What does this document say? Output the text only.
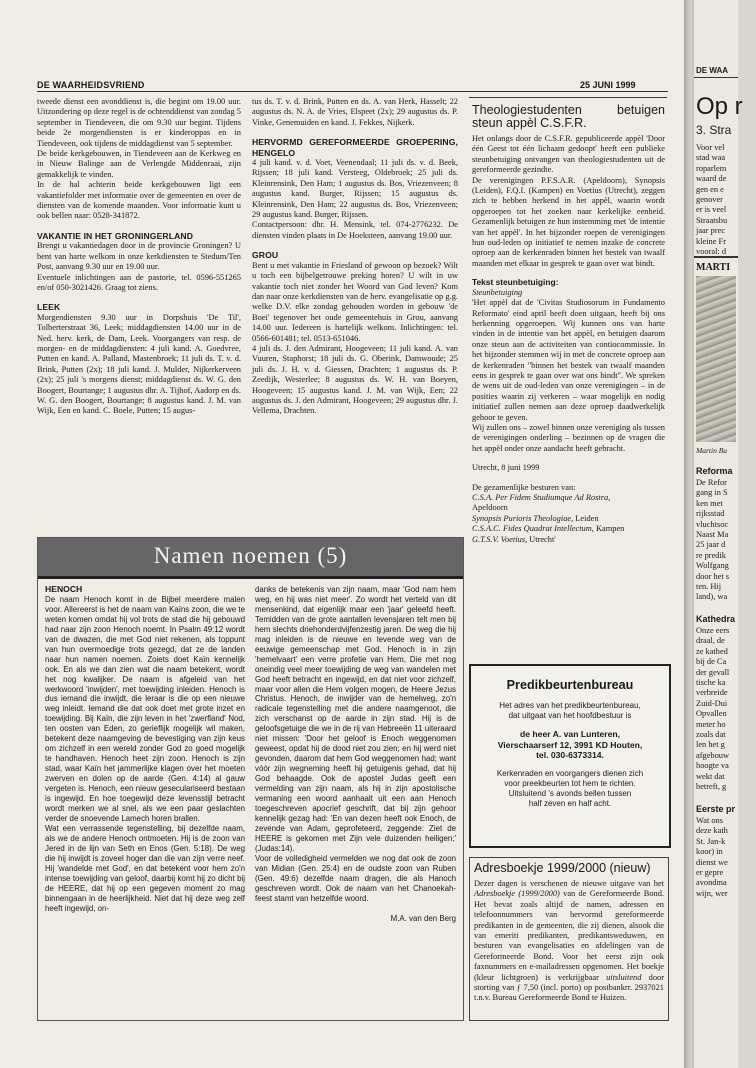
DE WAARHEIDSVRIEND	25 JUNI 1999

tweede dienst een avonddienst is, die begint om 19.00 uur. Uitzondering op deze regel is de ochtenddienst van zondag 5 september in Tiendeveen, die om 9.30 uur begint. Tijdens beide 2e morgendiensten is er kinderoppas en in Tiendeveen, ook tijdens de middagdienst van 5 september.

De beide kerkgebouwen, in Tiendeveen aan de Kerkweg en in Nieuw Balinge aan de Verlengde Middenraai, zijn gemakkelijk te vinden.

In de hal achterin beide kerkgebouwen ligt een vakantiefolder met informatie over de gemeenten en over de diensten van de komende maanden. Voor informatie kunt u ook bellen naar: 0528-341872.

VAKANTIE IN HET GRONINGERLAND

Brengt u vakantiedagen door in de provincie Groningen? U bent van harte welkom in onze kerkdiensten te Stedum/Ten Post, aanvang 9.30 uur en 19.00 uur.

Eventuele inlichtingen aan de pastorie, tel. 0596-551265 en/of 050-3021426. Graag tot ziens.

LEEK

Morgendiensten 9.30 uur in Dorpshuis 'De Til', Tolberterstraat 36, Leek; middagdiensten 14.00 uur in de Ned. herv. kerk, de Dam, Leek. Voorgangers van resp. de morgen- en de middagdiensten: 4 juli kand. A. Goedvree, Putten en kand. A. Palland, Mastenbroek; 11 juli ds. T. v. d. Brink, Putten (2x); 18 juli kand. J. Mulder, Nijkerkerveen (2x); 25 juli 's morgens dienst; middagdienst ds. W. G. den Boogert, Bourtange; 1 augustus dhr. A. Tijhof, Aadorp en ds. W. G. den Boogert, Bourtange; 8 augustus kand. J. M. van Wijk, Een en kand. C. Boele, Putten; 15 augus-

tus ds. T. v. d. Brink, Putten en ds. A. van Herk, Hasselt; 22 augustus ds. N. A. de Vries, Elspeet (2x); 29 augustus ds. P. Vinke, Genemuiden en kand. J. Fekkes, Nijkerk.

HERVORMD GEREFORMEERDE GROEPERING, HENGELO

4 juli kand. v. d. Voet, Veenendaal; 11 juli ds. v. d. Beek, Rijssen; 18 juli kand. Versteeg, Oldebroek; 25 juli ds. Kleinrensink, Den Ham; 1 augustus ds. Bos, Vriezenveen; 8 augustus kand. Burger, Rijssen; 15 augustus ds. Kleinrensink, Den Ham; 22 augustus ds. Bos, Vriezenveen; 29 augustus kand. Burger, Rijssen.

Contactpersoon: dhr. H. Mensink, tel. 074-2776232. De diensten vinden plaats in De Hoeksteen, aanvang 19.00 uur.

GROU

Bent u met vakantie in Friesland of gewoon op bezoek? Wilt u toch een bijbelgetrouwe preking horen? U wilt in uw vakantie toch niet zonder het Woord van God leven? Kom dan naar onze kerkdiensten van de herv. evangelisatie op g.g. welke D.V. elke zondag gehouden worden in gebouw 'de Boei' tegenover het oude gemeentehuis in Grou, aanvang 14.00 uur. Iedereen is hartelijk welkom. Inlichtingen: tel. 0566-601481; tel. 0513-651046.

4 juli ds. J. den Admirant, Hoogeveen; 11 juli kand. A. van Vuuren, Staphorst; 18 juli ds. G. Oberink, Damwoude; 25 juli ds. J. H. v. d. Giessen, Drachten; 1 augustus ds. P. Zeedijk, Westerlee; 8 augustus ds. W. H. van Boeyen, Hoogeveen; 15 augustus kand. J. M. van Wijk, Een; 22 augustus ds. J. den Admirant, Hoogeveen; 29 augustus dhr. J. Vellema, Drachten.

Theologiestudenten betuigen steun appèl C.S.F.R.

Het onlangs door de C.S.F.R. gepubliceerde appèl 'Door één Geest tot één lichaam gedoopt' heeft een publieke steunbetuiging ontvangen van theologiestudenten uit de gereformeerde gezindte.

De verenigingen P.F.S.A.R. (Apeldoorn), Synopsis (Leiden), F.Q.I. (Kampen) en Voetius (Utrecht), zeggen zich te hebben herkend in het appèl, waarin wordt opgeroepen tot het zoeken naar kerkelijke eenheid. Gezamenlijk betuigen ze hun instemming met 'de intentie van het appèl'. In het bijzonder roepen de verenigingen hun oud-leden op initiatief te nemen inzake de concrete oproep aan de kerkenraden binnen het bestek van twaalf maanden met elkaar in gesprek te gaan over wat bindt.

Tekst steunbetuiging:
Steunbetuiging

'Het appèl dat de 'Civitas Studiosorum in Fundamento Reformato' eind april heeft doen uitgaan, heeft bij ons herkenning opgeroepen. Wij kunnen ons van harte vinden in de intentie van het appèl, en betuigen daarom onze steun aan de activiteiten van contiocommissie. In het bijzonder stemmen wij in met de concrete oproep aan de kerkenraden "binnen het bestek van twaalf maanden eens in gesprek te gaan over wat ons bindt". We spreken de wens uit de oud-leden van onze verenigingen – in de posities waarin zij verkeren – waar mogelijk en nodig initiatief zullen nemen aan deze oproep daadwerkelijk gehoor te geven.

Wij zullen ons – zowel binnen onze vereniging als tussen de verenigingen onderling – bezinnen op de vragen die het appèl onder onze aandacht heeft gebracht.

Utrecht, 8 juni 1999

De gezamenlijke besturen van:

C.S.A. Per Fidem Studiumque Ad Rostra,
Apeldoorn

Synopsis Purioris Theologiae, Leiden

C.S.A.C. Fides Quadrat Intellectum, Kampen

G.T.S.V. Voetius, Utrecht'

Predikbeurtenbureau
Het adres van het predikbeurtenbureau,
dat uitgaat van het hoofdbestuur is
de heer A. van Lunteren,
Vierschaarserf 12, 3991 KD Houten,
tel. 030-6373314.
Kerkenraden en voorgangers dienen zich
voor preekbeurten tot hem te richten.
Uitsluitend 's avonds bellen tussen
half zeven en half acht.
Adresboekje 1999/2000 (nieuw)

Dezer dagen is verschenen de nieuwe uitgave van het Adresboekje (1999/2000) van de Gereformeerde Bond. Het bevat zoals altijd de namen, adressen en telefoonnummers van hervormd gereformeerde predikanten in de gemeenten, die zij dienen, alsook die van emeriti predikanten, predikantsweduwen, en besturen van evangelisaties en afdelingen van de Gereformeerde Bond. Voor het eerst zijn ook faxnummers en e-mailadressen opgenomen. Het boekje (kleur lichtgroen) is verkrijgbaar uitsluitend door storting van ƒ 7,50 (incl. porto) op postbankrr. 2937021 t.n.v. Bureau Gereformeerde Bond te Huizen.

Namen noemen (5)
HENOCH

De naam Henoch komt in de Bijbel meerdere malen voor. Allereerst is het de naam van Kaïns zoon, die we te weten komen omdat hij vol trots de stad die hij gebouwd had naar zijn zoon Henoch noemt. In Psalm 49:12 wordt van de dwazen, die met God niet rekenen, als toppunt van hun overmoedige trots gezegd, dat ze de landen naar hun namen noemen. Zoiets doet Kaïn kennelijk ook. En als we dan zien wat die naam betekent, wordt het nog kwalijker. De naam is afgeleid van het werkwoord 'inwijden', met toewijding inleiden. Henoch is dus iemand die inwijdt, die leraar is die op een nieuwe weg inleidt. Iemand die dat ook doet met grote inzet en toewijding. Bij Kaïn, die zijn leven in het 'zwerfland' Nod, ten oosten van Eden, zo gerieflijk mogelijk wil maken, betekent deze naamgeving de bevestiging van zijn keus om zichzelf in een wereld zonder God zo goed mogelijk te handhaven. Henoch heet zijn zoon. Henoch is zijn stad, waar Kaïn het jammerlijke klagen over het moeten zwerven en dolen op de aarde (Gen. 4:14) al gauw vergeten is. Henoch, een nieuw geseculariseerd bestaan is ingewijd. En hoe toegewijd deze levensstijl betracht wordt merken we al snel, als we een paar geslachten verder de snoevende Lamech horen brallen.

Wat een verrassende tegenstelling, bij dezelfde naam, als we de andere Henoch ontmoeten. Hij is de zoon van Jered in de lijn van Seth en Enos (Gen. 5:18). De weg die hij inwijdt is zoveel hoger dan die van zijn verre neef. Hij 'wandelde met God', en dat betekent voor hem zo'n intense toewijding van geloof, daarbij komt hij zo dicht bij de HEERE, dat hij op een gegeven moment zo mag binnengaan in de heerlijkheid. Niet dat hij deze weg zelf heeft ingewijd, on-

danks de betekenis van zijn naam, maar 'God nam hem weg, en hij was niet meer'. Zo wordt het verteld van dit mensenkind, dat eigenlijk maar een 'jaar' geleefd heeft. Temidden van de grote aantallen levensjaren telt men bij hem slechts driehonderdvijfenzestig jaren. De weg die hij mag inleiden is de nieuwe en levende weg van de eeuwige gemeenschap met God. Henoch is in zijn 'hemelvaart' een verre profetie van Hem, Die met nog oneindig veel meer toewijding de weg van wandelen met God heeft betracht en ingewijd, en dat niet voor zichzelf, maar voor allen die Hem volgen mogen, de Heere Jezus Christus. Henoch, de inwijder van de hemelweg, zo'n radicale tegenstelling met die andere naamgenoot, die zich verschanst op de aarde in zijn stad. Hij is de geloofsgetuige die we in de rij van Hebreeën 11 uiteraard niet missen: 'Door het geloof is Enoch weggenomen geweest, opdat hij de dood niet zou zien; en hij werd niet gevonden, daarom dat hem God weggenomen had; want vóór zijn wegneming heeft hij getuigenis gehad, dat hij God behaagde. Ook de apostel Judas geeft een vermelding van zijn naam, als hij in zijn apostolische vermaning een woord aanhaalt uit een aan Henoch toegeschreven apocrief geschrift, dat bij zijn gehoor kennelijk gezag had: 'En van dezen heeft ook Enoch, de zevende van Adam, geprofeteerd, zeggende: Ziet de HEERE is gekomen met Zijn vele duizenden heiligen;' (Judas:14).

Voor de volledigheid vermelden we nog dat ook de zoon van Midian (Gen. 25:4) en de oudste zoon van Ruben (Gen. 49:6) dezelfde naam dragen, die als Hanoch geschreven wordt. Ook de naam van het Chanoekah-feest stamt van hetzelfde woord.

M.A. van den Berg

DE WAA
Op r
3. Stra
Voor vel
stad waa
roparlem
waard de
gen en e
genover
er is veel
Straatsbu
jaar prec
kleine Fr
vooral: d
MARTI
Martin Bu
Reforma
De Refor
gang in S
ken met
rijksstad
vluchtsoc
Naast Ma
25 jaar d
re predik
Wolfgang
door het s
ten. Hij
land), wa
Kathedra
Onze eers
draal, de
ze kathed
bij de Ca
der gevall
tische ka
verbreide
Zuid-Dui
Opvallen
meter ho
zoals dat
len het g
afgebouw
hoogte va
wekt dat
betreft, g
Eerste pr
Wat ons
deze kath
St. Jan-k
koor) in
dienst we
er gepre
avondma
wijn, wer
